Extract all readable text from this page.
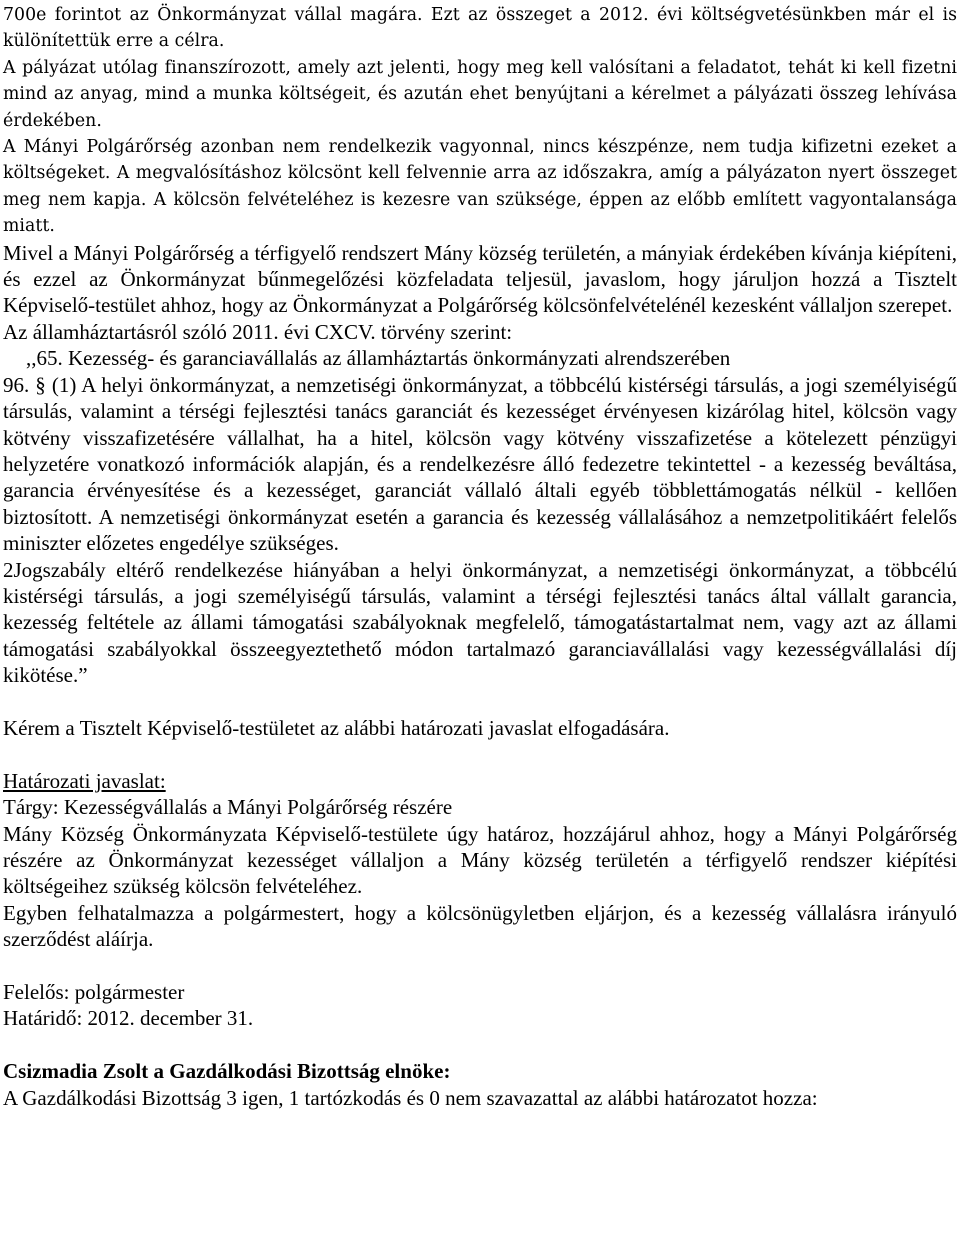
700e forintot az Önkormányzat vállal magára. Ezt az összeget a 2012. évi költségvetésünkben már el is különítettük erre a célra.

A pályázat utólag finanszírozott, amely azt jelenti, hogy meg kell valósítani a feladatot, tehát ki kell fizetni mind az anyag, mind a munka költségeit, és azután ehet benyújtani a kérelmet a pályázati összeg lehívása érdekében.

A Mányi Polgárőrség azonban nem rendelkezik vagyonnal, nincs készpénze, nem tudja kifizetni ezeket a költségeket. A megvalósításhoz kölcsönt kell felvennie arra az időszakra, amíg a pályázaton nyert összeget meg nem kapja. A kölcsön felvételéhez is kezesre van szüksége, éppen az előbb említett vagyontalansága miatt.

Mivel a Mányi Polgárőrség a térfigyelő rendszert Mány község területén, a mányiak érdekében kívánja kiépíteni, és ezzel az Önkormányzat bűnmegelőzési közfeladata teljesül, javaslom, hogy járuljon hozzá a Tisztelt Képviselő-testület ahhoz, hogy az Önkormányzat a Polgárőrség kölcsönfelvételénél kezesként vállaljon szerepet.

Az államháztartásról szóló 2011. évi CXCV. törvény szerint:

,,65. Kezesség- és garanciavállalás az államháztartás önkormányzati alrendszerében

96. § (1) A helyi önkormányzat, a nemzetiségi önkormányzat, a többcélú kistérségi társulás, a jogi személyiségű társulás, valamint a térségi fejlesztési tanács garanciát és kezességet érvényesen kizárólag hitel, kölcsön vagy kötvény visszafizetésére vállalhat, ha a hitel, kölcsön vagy kötvény visszafizetése a kötelezett pénzügyi helyzetére vonatkozó információk alapján, és a rendelkezésre álló fedezetre tekintettel - a kezesség beváltása, garancia érvényesítése és a kezességet, garanciát vállaló általi egyéb többlettámogatás nélkül - kellően biztosított. A nemzetiségi önkormányzat esetén a garancia és kezesség vállalásához a nemzetpolitikáért felelős miniszter előzetes engedélye szükséges.

2Jogszabály eltérő rendelkezése hiányában a helyi önkormányzat, a nemzetiségi önkormányzat, a többcélú kistérségi társulás, a jogi személyiségű társulás, valamint a térségi fejlesztési tanács által vállalt garancia, kezesség feltétele az állami támogatási szabályoknak megfelelő, támogatástartalmat nem, vagy azt az állami támogatási szabályokkal összeegyeztethető módon tartalmazó garanciavállalási vagy kezességvállalási díj kikötése.”

Kérem a Tisztelt Képviselő-testületet az alábbi határozati javaslat elfogadására.

Határozati javaslat:

Tárgy: Kezességvállalás a Mányi Polgárőrség részére

Mány Község Önkormányzata Képviselő-testülete úgy határoz, hozzájárul ahhoz, hogy a Mányi Polgárőrség részére az Önkormányzat kezességet vállaljon a Mány község területén a térfigyelő rendszer kiépítési költségeihez szükség kölcsön felvételéhez.

Egyben felhatalmazza a polgármestert, hogy a kölcsönügyletben eljárjon, és a kezesség vállalásra irányuló szerződést aláírja.

Felelős: polgármester

Határidő: 2012. december 31.

Csizmadia Zsolt a Gazdálkodási Bizottság elnöke:

A Gazdálkodási Bizottság 3 igen, 1 tartózkodás és 0 nem szavazattal az alábbi határozatot hozza:
